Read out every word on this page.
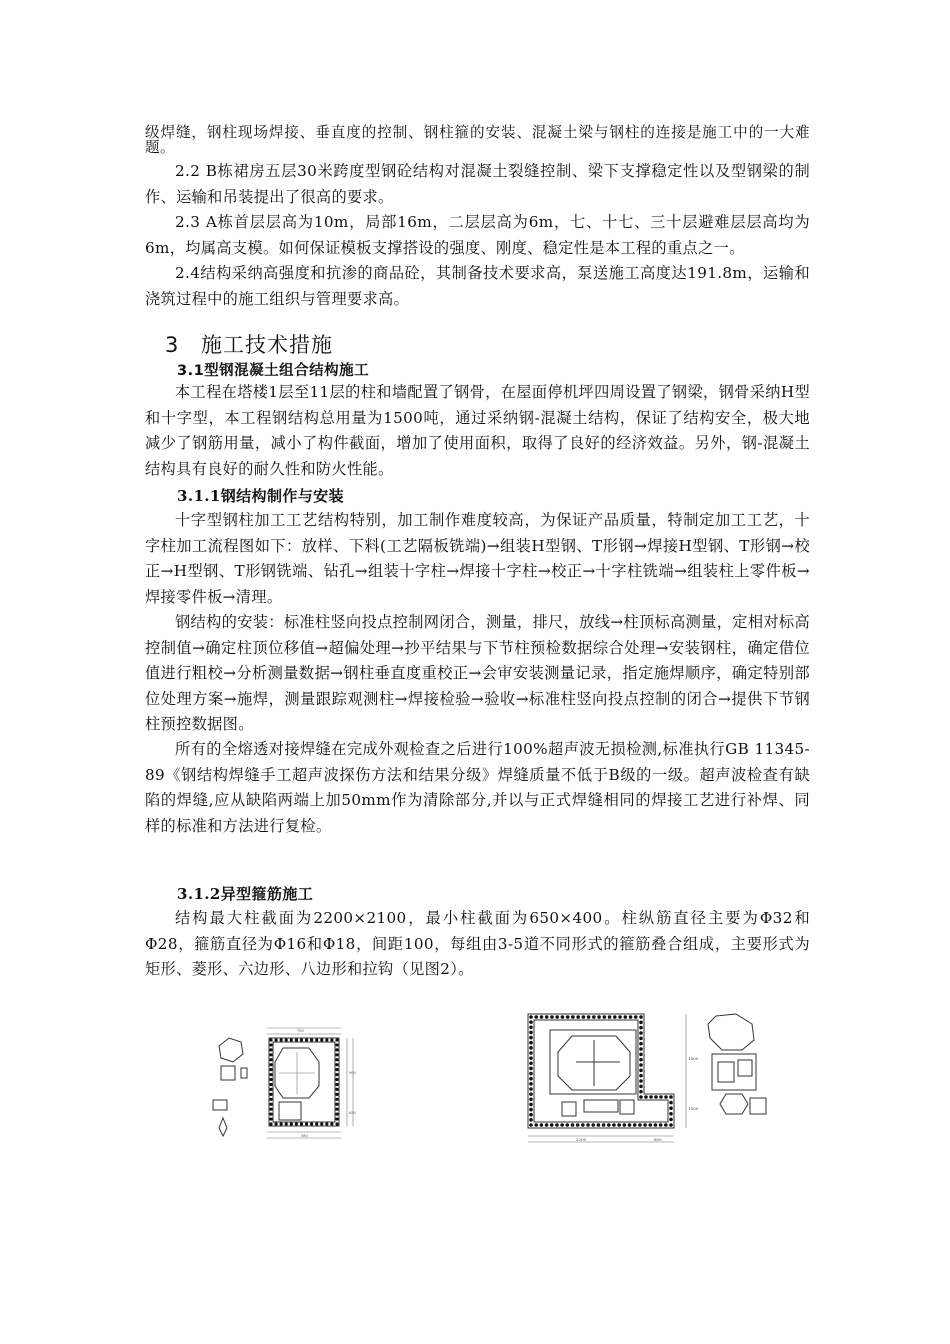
级焊缝，钢柱现场焊接、垂直度的控制、钢柱箍的安装、混凝土梁与钢柱的连接是施工中的一大难题。

2.2 B栋裙房五层30米跨度型钢砼结构对混凝土裂缝控制、梁下支撑稳定性以及型钢梁的制作、运输和吊装提出了很高的要求。

2.3 A栋首层层高为10m，局部16m，二层层高为6m，七、十七、三十层避难层层高均为6m，均属高支模。如何保证模板支撑搭设的强度、刚度、稳定性是本工程的重点之一。

2.4结构采纳高强度和抗渗的商品砼，其制备技术要求高，泵送施工高度达191.8m，运输和浇筑过程中的施工组织与管理要求高。

3 施工技术措施
3.1型钢混凝土组合结构施工

本工程在塔楼1层至11层的柱和墙配置了钢骨，在屋面停机坪四周设置了钢梁，钢骨采纳H型和十字型，本工程钢结构总用量为1500吨，通过采纳钢-混凝土结构，保证了结构安全，极大地减少了钢筋用量，减小了构件截面，增加了使用面积，取得了良好的经济效益。另外，钢-混凝土结构具有良好的耐久性和防火性能。

3.1.1钢结构制作与安装

十字型钢柱加工工艺结构特别，加工制作难度较高，为保证产品质量，特制定加工工艺，十字柱加工流程图如下：放样、下料(工艺隔板铣端)→组装H型钢、T形钢→焊接H型钢、T形钢→校正→H型钢、T形钢铣端、钻孔→组装十字柱→焊接十字柱→校正→十字柱铣端→组装柱上零件板→焊接零件板→清理。

钢结构的安装：标准柱竖向投点控制网闭合，测量，排尺，放线→柱顶标高测量，定相对标高控制值→确定柱顶位移值→超偏处理→抄平结果与下节柱预检数据综合处理→安装钢柱，确定借位值进行粗校→分析测量数据→钢柱垂直度重校正→会审安装测量记录，指定施焊顺序，确定特别部位处理方案→施焊，测量跟踪观测柱→焊接检验→验收→标准柱竖向投点控制的闭合→提供下节钢柱预控数据图。

所有的全熔透对接焊缝在完成外观检查之后进行100%超声波无损检测,标准执行GB 11345-89《钢结构焊缝手工超声波探伤方法和结果分级》焊缝质量不低于B级的一级。超声波检查有缺陷的焊缝,应从缺陷两端上加50mm作为清除部分,并以与正式焊缝相同的焊接工艺进行补焊、同样的标准和方法进行复检。

3.1.2异型箍筋施工

结构最大柱截面为2200×2100，最小柱截面为650×400。柱纵筋直径主要为Φ32和Φ28，箍筋直径为Φ16和Φ18，间距100，每组由3-5道不同形式的箍筋叠合组成，主要形式为矩形、菱形、六边形、八边形和拉钩（见图2）。

750
580
900
650
2200	600
1400
1500
